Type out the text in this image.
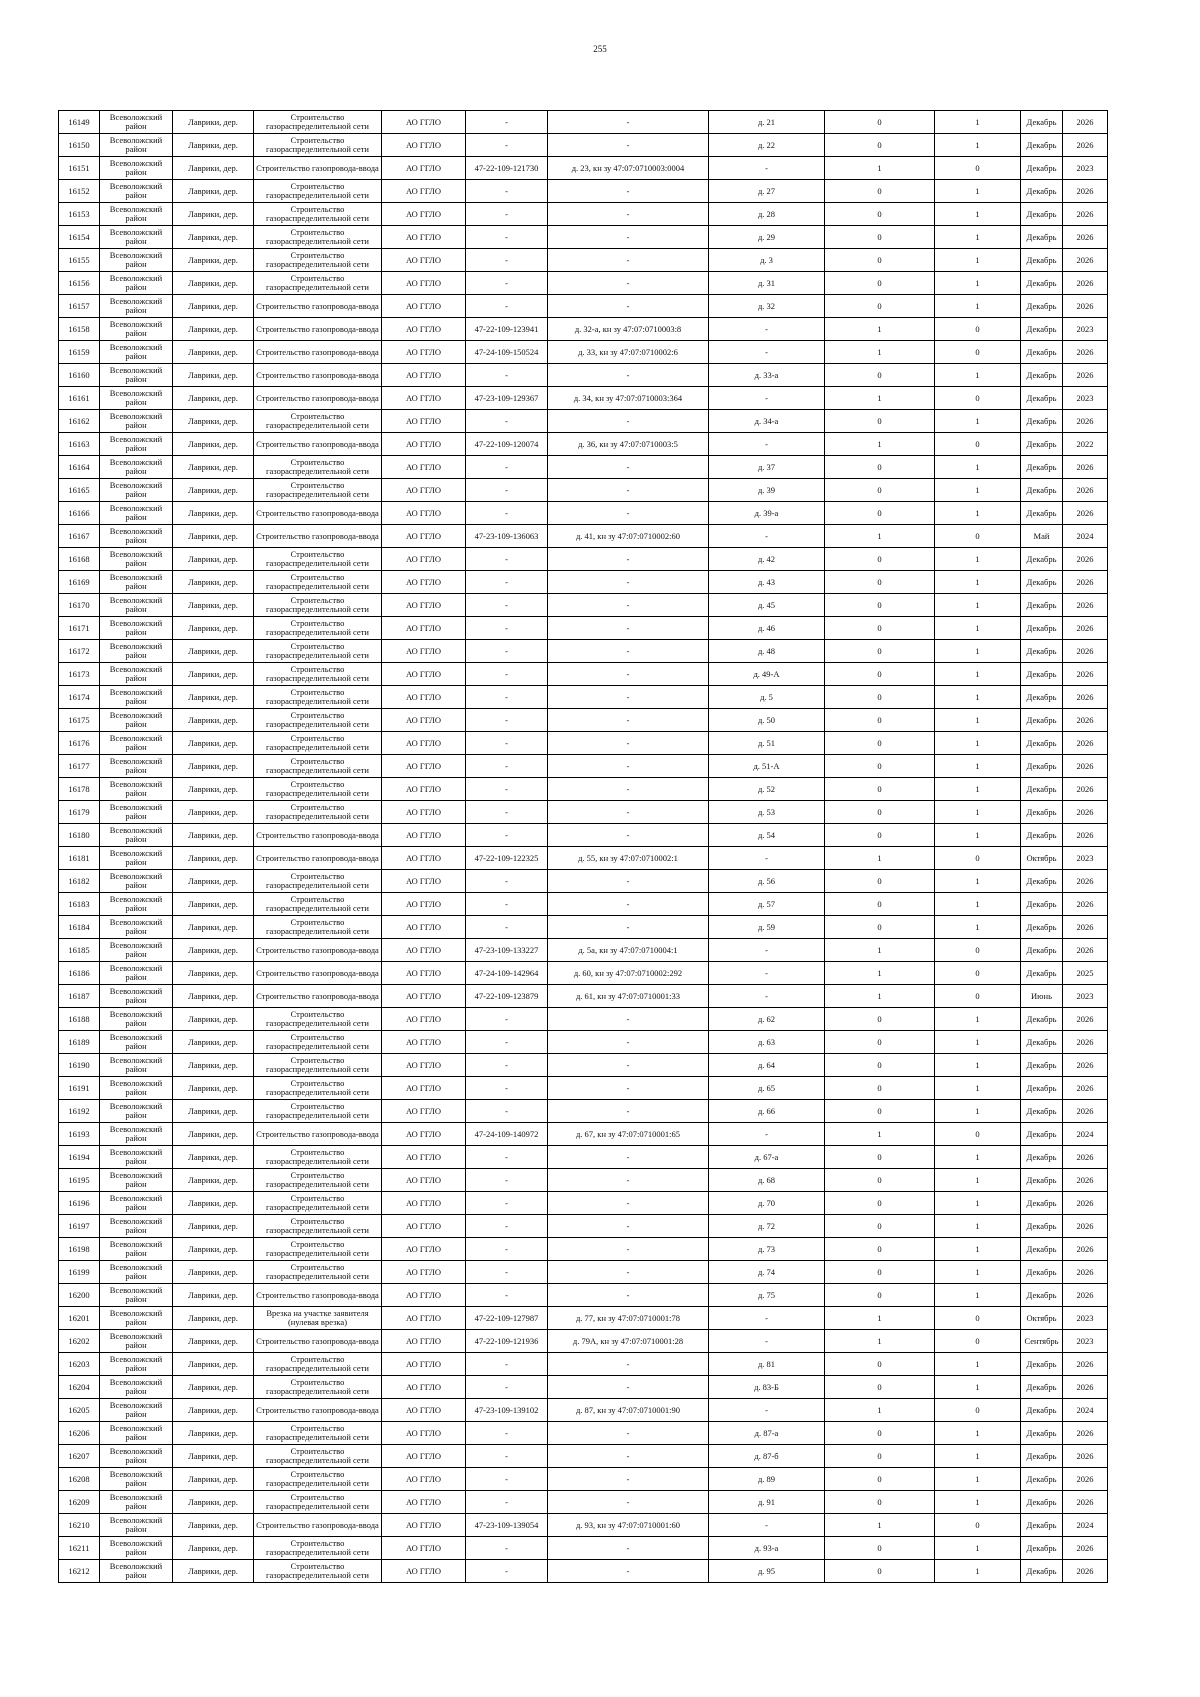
255
16149	Всеволожский район	Лаврики, дер.	Строительство газораспределительной сети	АО ГГЛО	-	-	д. 21	0	1	Декабрь	2026
16150	Всеволожский район	Лаврики, дер.	Строительство газораспределительной сети	АО ГГЛО	-	-	д. 22	0	1	Декабрь	2026
16151	Всеволожский район	Лаврики, дер.	Строительство газопровода-ввода	АО ГГЛО	47-22-109-121730	д. 23, кн зу 47:07:0710003:0004	-	1	0	Декабрь	2023
16152	Всеволожский район	Лаврики, дер.	Строительство газораспределительной сети	АО ГГЛО	-	-	д. 27	0	1	Декабрь	2026
16153	Всеволожский район	Лаврики, дер.	Строительство газораспределительной сети	АО ГГЛО	-	-	д. 28	0	1	Декабрь	2026
16154	Всеволожский район	Лаврики, дер.	Строительство газораспределительной сети	АО ГГЛО	-	-	д. 29	0	1	Декабрь	2026
16155	Всеволожский район	Лаврики, дер.	Строительство газораспределительной сети	АО ГГЛО	-	-	д. 3	0	1	Декабрь	2026
16156	Всеволожский район	Лаврики, дер.	Строительство газораспределительной сети	АО ГГЛО	-	-	д. 31	0	1	Декабрь	2026
16157	Всеволожский район	Лаврики, дер.	Строительство газопровода-ввода	АО ГГЛО	-	-	д. 32	0	1	Декабрь	2026
16158	Всеволожский район	Лаврики, дер.	Строительство газопровода-ввода	АО ГГЛО	47-22-109-123941	д. 32-а, кн зу 47:07:0710003:8	-	1	0	Декабрь	2023
16159	Всеволожский район	Лаврики, дер.	Строительство газопровода-ввода	АО ГГЛО	47-24-109-150524	д. 33, кн зу 47:07:0710002:6	-	1	0	Декабрь	2026
16160	Всеволожский район	Лаврики, дер.	Строительство газопровода-ввода	АО ГГЛО	-	-	д. 33-а	0	1	Декабрь	2026
16161	Всеволожский район	Лаврики, дер.	Строительство газопровода-ввода	АО ГГЛО	47-23-109-129367	д. 34, кн зу 47:07:0710003:364	-	1	0	Декабрь	2023
16162	Всеволожский район	Лаврики, дер.	Строительство газораспределительной сети	АО ГГЛО	-	-	д. 34-а	0	1	Декабрь	2026
16163	Всеволожский район	Лаврики, дер.	Строительство газопровода-ввода	АО ГГЛО	47-22-109-120074	д. 36, кн зу 47:07:0710003:5	-	1	0	Декабрь	2022
16164	Всеволожский район	Лаврики, дер.	Строительство газораспределительной сети	АО ГГЛО	-	-	д. 37	0	1	Декабрь	2026
16165	Всеволожский район	Лаврики, дер.	Строительство газораспределительной сети	АО ГГЛО	-	-	д. 39	0	1	Декабрь	2026
16166	Всеволожский район	Лаврики, дер.	Строительство газопровода-ввода	АО ГГЛО	-	-	д. 39-а	0	1	Декабрь	2026
16167	Всеволожский район	Лаврики, дер.	Строительство газопровода-ввода	АО ГГЛО	47-23-109-136063	д. 41, кн зу 47:07:0710002:60	-	1	0	Май	2024
16168	Всеволожский район	Лаврики, дер.	Строительство газораспределительной сети	АО ГГЛО	-	-	д. 42	0	1	Декабрь	2026
16169	Всеволожский район	Лаврики, дер.	Строительство газораспределительной сети	АО ГГЛО	-	-	д. 43	0	1	Декабрь	2026
16170	Всеволожский район	Лаврики, дер.	Строительство газораспределительной сети	АО ГГЛО	-	-	д. 45	0	1	Декабрь	2026
16171	Всеволожский район	Лаврики, дер.	Строительство газораспределительной сети	АО ГГЛО	-	-	д. 46	0	1	Декабрь	2026
16172	Всеволожский район	Лаврики, дер.	Строительство газораспределительной сети	АО ГГЛО	-	-	д. 48	0	1	Декабрь	2026
16173	Всеволожский район	Лаврики, дер.	Строительство газораспределительной сети	АО ГГЛО	-	-	д. 49-А	0	1	Декабрь	2026
16174	Всеволожский район	Лаврики, дер.	Строительство газораспределительной сети	АО ГГЛО	-	-	д. 5	0	1	Декабрь	2026
16175	Всеволожский район	Лаврики, дер.	Строительство газораспределительной сети	АО ГГЛО	-	-	д. 50	0	1	Декабрь	2026
16176	Всеволожский район	Лаврики, дер.	Строительство газораспределительной сети	АО ГГЛО	-	-	д. 51	0	1	Декабрь	2026
16177	Всеволожский район	Лаврики, дер.	Строительство газораспределительной сети	АО ГГЛО	-	-	д. 51-А	0	1	Декабрь	2026
16178	Всеволожский район	Лаврики, дер.	Строительство газораспределительной сети	АО ГГЛО	-	-	д. 52	0	1	Декабрь	2026
16179	Всеволожский район	Лаврики, дер.	Строительство газораспределительной сети	АО ГГЛО	-	-	д. 53	0	1	Декабрь	2026
16180	Всеволожский район	Лаврики, дер.	Строительство газопровода-ввода	АО ГГЛО	-	-	д. 54	0	1	Декабрь	2026
16181	Всеволожский район	Лаврики, дер.	Строительство газопровода-ввода	АО ГГЛО	47-22-109-122325	д. 55, кн зу 47:07:0710002:1	-	1	0	Октябрь	2023
16182	Всеволожский район	Лаврики, дер.	Строительство газораспределительной сети	АО ГГЛО	-	-	д. 56	0	1	Декабрь	2026
16183	Всеволожский район	Лаврики, дер.	Строительство газораспределительной сети	АО ГГЛО	-	-	д. 57	0	1	Декабрь	2026
16184	Всеволожский район	Лаврики, дер.	Строительство газораспределительной сети	АО ГГЛО	-	-	д. 59	0	1	Декабрь	2026
16185	Всеволожский район	Лаврики, дер.	Строительство газопровода-ввода	АО ГГЛО	47-23-109-133227	д. 5а, кн зу 47:07:0710004:1	-	1	0	Декабрь	2026
16186	Всеволожский район	Лаврики, дер.	Строительство газопровода-ввода	АО ГГЛО	47-24-109-142964	д. 60, кн зу 47:07:0710002:292	-	1	0	Декабрь	2025
16187	Всеволожский район	Лаврики, дер.	Строительство газопровода-ввода	АО ГГЛО	47-22-109-123879	д. 61, кн зу 47:07:0710001:33	-	1	0	Июнь	2023
16188	Всеволожский район	Лаврики, дер.	Строительство газораспределительной сети	АО ГГЛО	-	-	д. 62	0	1	Декабрь	2026
16189	Всеволожский район	Лаврики, дер.	Строительство газораспределительной сети	АО ГГЛО	-	-	д. 63	0	1	Декабрь	2026
16190	Всеволожский район	Лаврики, дер.	Строительство газораспределительной сети	АО ГГЛО	-	-	д. 64	0	1	Декабрь	2026
16191	Всеволожский район	Лаврики, дер.	Строительство газораспределительной сети	АО ГГЛО	-	-	д. 65	0	1	Декабрь	2026
16192	Всеволожский район	Лаврики, дер.	Строительство газораспределительной сети	АО ГГЛО	-	-	д. 66	0	1	Декабрь	2026
16193	Всеволожский район	Лаврики, дер.	Строительство газопровода-ввода	АО ГГЛО	47-24-109-140972	д. 67, кн зу 47:07:0710001:65	-	1	0	Декабрь	2024
16194	Всеволожский район	Лаврики, дер.	Строительство газораспределительной сети	АО ГГЛО	-	-	д. 67-а	0	1	Декабрь	2026
16195	Всеволожский район	Лаврики, дер.	Строительство газораспределительной сети	АО ГГЛО	-	-	д. 68	0	1	Декабрь	2026
16196	Всеволожский район	Лаврики, дер.	Строительство газораспределительной сети	АО ГГЛО	-	-	д. 70	0	1	Декабрь	2026
16197	Всеволожский район	Лаврики, дер.	Строительство газораспределительной сети	АО ГГЛО	-	-	д. 72	0	1	Декабрь	2026
16198	Всеволожский район	Лаврики, дер.	Строительство газораспределительной сети	АО ГГЛО	-	-	д. 73	0	1	Декабрь	2026
16199	Всеволожский район	Лаврики, дер.	Строительство газораспределительной сети	АО ГГЛО	-	-	д. 74	0	1	Декабрь	2026
16200	Всеволожский район	Лаврики, дер.	Строительство газопровода-ввода	АО ГГЛО	-	-	д. 75	0	1	Декабрь	2026
16201	Всеволожский район	Лаврики, дер.	Врезка на участке заявителя (нулевая врезка)	АО ГГЛО	47-22-109-127987	д. 77, кн зу 47:07:0710001:78	-	1	0	Октябрь	2023
16202	Всеволожский район	Лаврики, дер.	Строительство газопровода-ввода	АО ГГЛО	47-22-109-121936	д. 79А, кн зу 47:07:0710001:28	-	1	0	Сентябрь	2023
16203	Всеволожский район	Лаврики, дер.	Строительство газораспределительной сети	АО ГГЛО	-	-	д. 81	0	1	Декабрь	2026
16204	Всеволожский район	Лаврики, дер.	Строительство газораспределительной сети	АО ГГЛО	-	-	д. 83-Б	0	1	Декабрь	2026
16205	Всеволожский район	Лаврики, дер.	Строительство газопровода-ввода	АО ГГЛО	47-23-109-139102	д. 87, кн зу 47:07:0710001:90	-	1	0	Декабрь	2024
16206	Всеволожский район	Лаврики, дер.	Строительство газораспределительной сети	АО ГГЛО	-	-	д. 87-а	0	1	Декабрь	2026
16207	Всеволожский район	Лаврики, дер.	Строительство газораспределительной сети	АО ГГЛО	-	-	д. 87-б	0	1	Декабрь	2026
16208	Всеволожский район	Лаврики, дер.	Строительство газораспределительной сети	АО ГГЛО	-	-	д. 89	0	1	Декабрь	2026
16209	Всеволожский район	Лаврики, дер.	Строительство газораспределительной сети	АО ГГЛО	-	-	д. 91	0	1	Декабрь	2026
16210	Всеволожский район	Лаврики, дер.	Строительство газопровода-ввода	АО ГГЛО	47-23-109-139054	д. 93, кн зу 47:07:0710001:60	-	1	0	Декабрь	2024
16211	Всеволожский район	Лаврики, дер.	Строительство газораспределительной сети	АО ГГЛО	-	-	д. 93-а	0	1	Декабрь	2026
16212	Всеволожский район	Лаврики, дер.	Строительство газораспределительной сети	АО ГГЛО	-	-	д. 95	0	1	Декабрь	2026
